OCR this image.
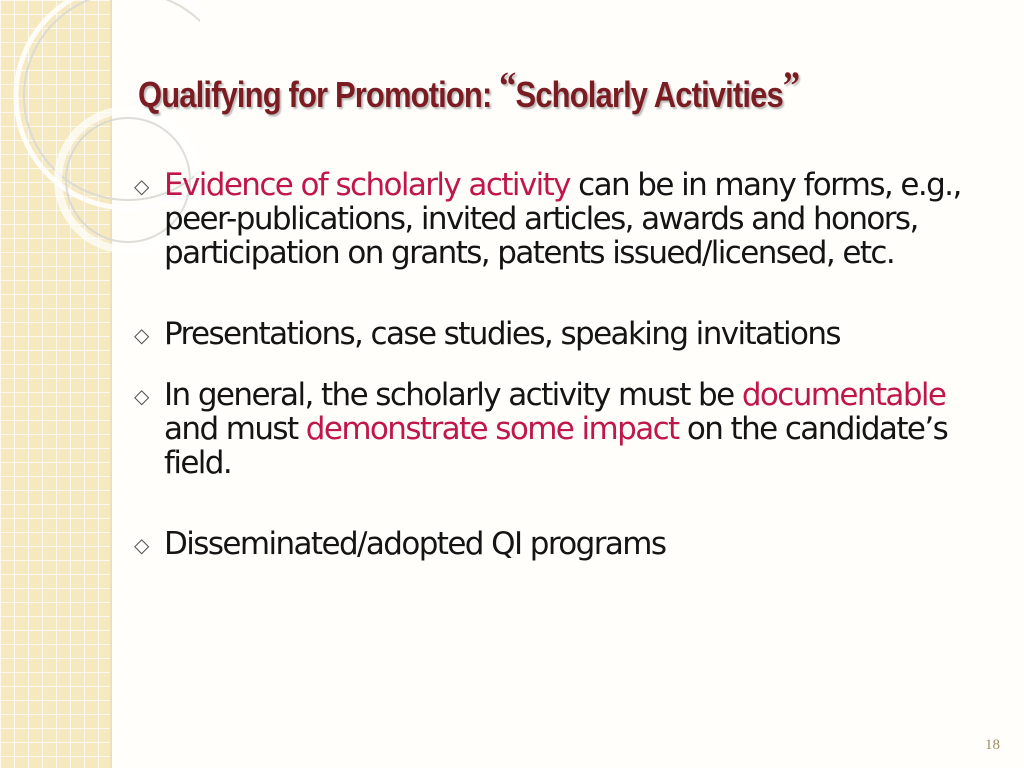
Qualifying for Promotion: “Scholarly Activities”
◇ Evidence of scholarly activity can be in many forms, e.g., peer-publications, invited articles, awards and honors, participation on grants, patents issued/licensed, etc.
◇ Presentations, case studies, speaking invitations
◇ In general, the scholarly activity must be documentable and must demonstrate some impact on the candidate’s field.
◇ Disseminated/adopted QI programs
18
